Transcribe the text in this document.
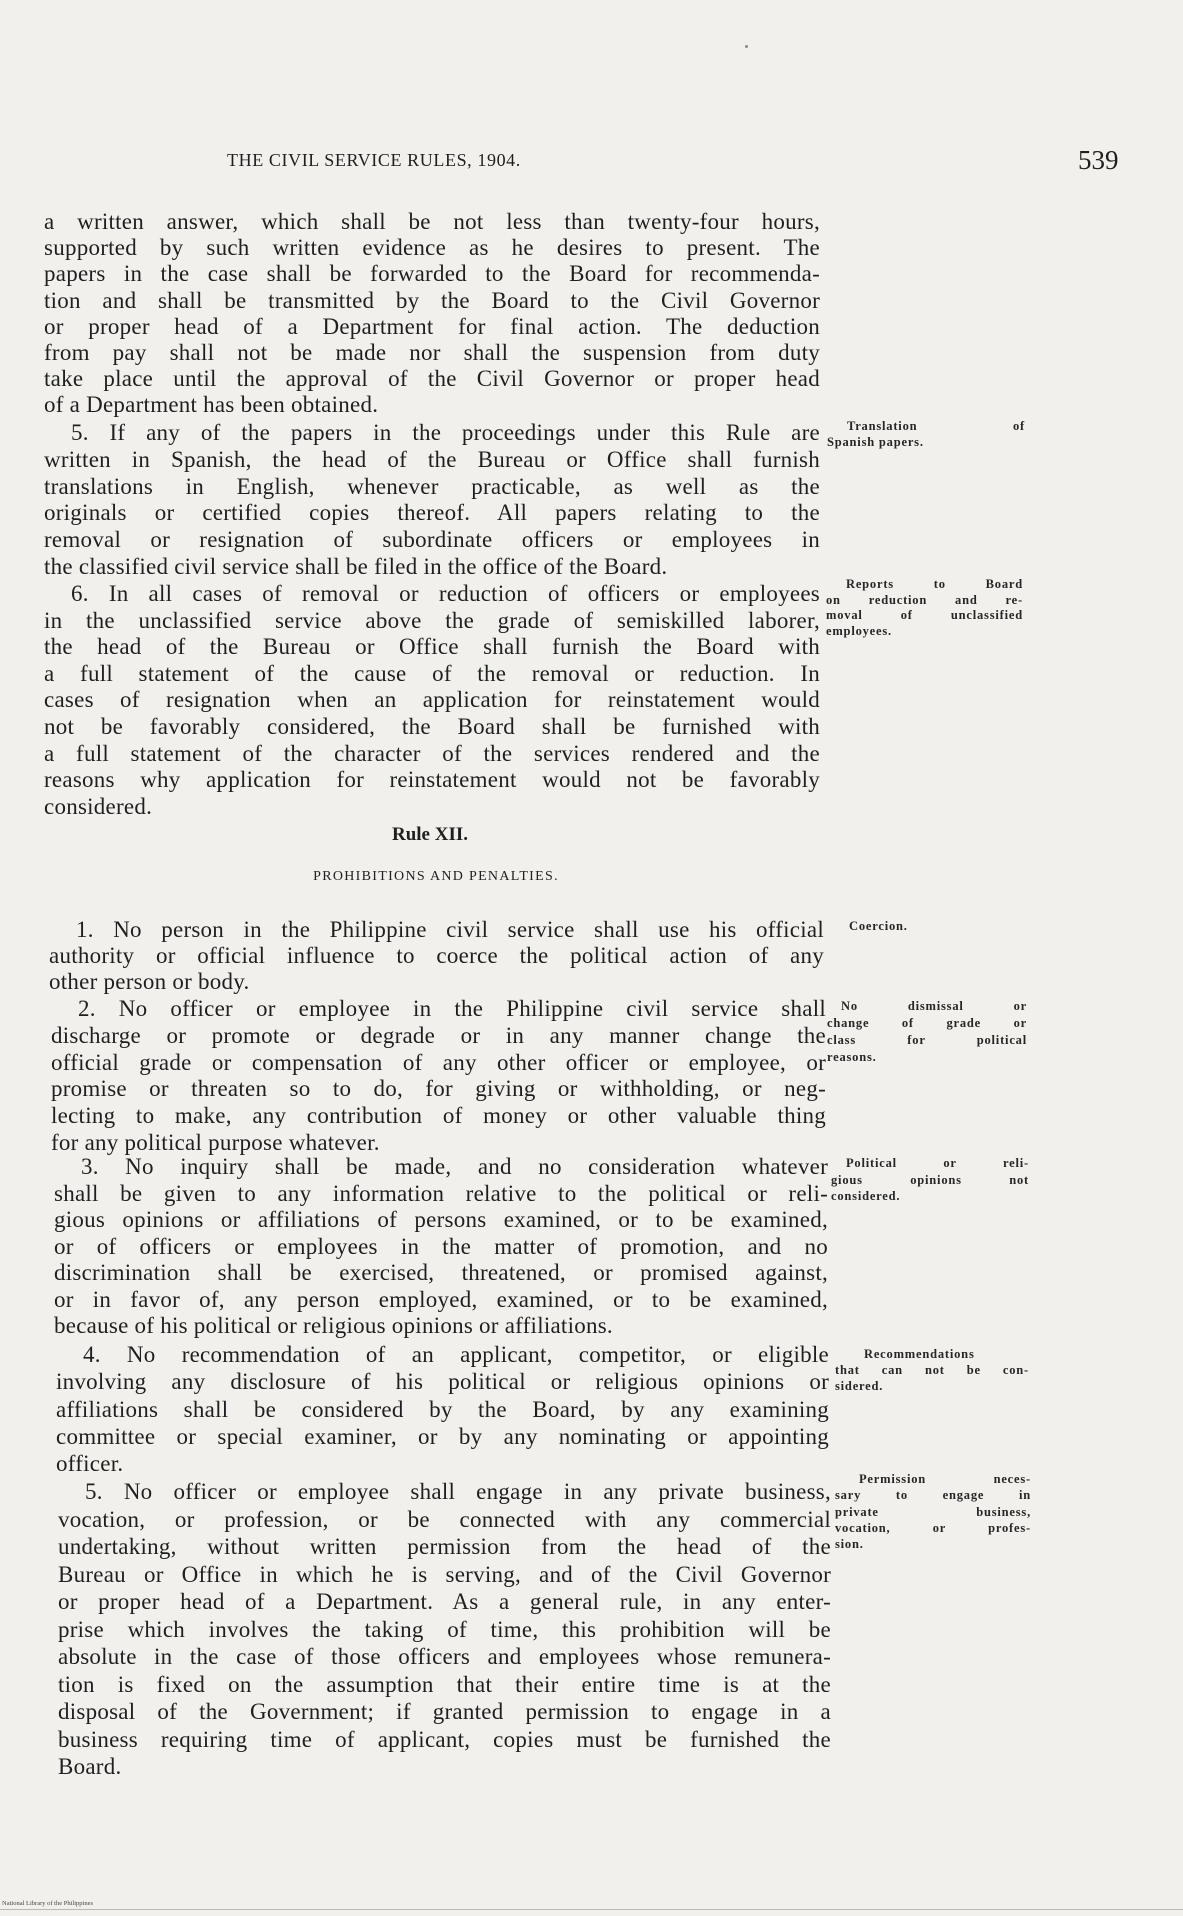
THE CIVIL SERVICE RULES, 1904.	539
a written answer, which shall be not less than twenty-four hours,
supported by such written evidence as he desires to present. The
papers in the case shall be forwarded to the Board for recommenda-
tion and shall be transmitted by the Board to the Civil Governor
or proper head of a Department for final action. The deduction
from pay shall not be made nor shall the suspension from duty
take place until the approval of the Civil Governor or proper head
of a Department has been obtained.
5. If any of the papers in the proceedings under this Rule are
written in Spanish, the head of the Bureau or Office shall furnish
translations in English, whenever practicable, as well as the
originals or certified copies thereof. All papers relating to the
removal or resignation of subordinate officers or employees in
the classified civil service shall be filed in the office of the Board.
Translation of
Spanish papers.
6. In all cases of removal or reduction of officers or employees
in the unclassified service above the grade of semiskilled laborer,
the head of the Bureau or Office shall furnish the Board with
a full statement of the cause of the removal or reduction. In
cases of resignation when an application for reinstatement would
not be favorably considered, the Board shall be furnished with
a full statement of the character of the services rendered and the
reasons why application for reinstatement would not be favorably
considered.
Reports to Board
on reduction and re-
moval of unclassified
employees.
Rule XII.
PROHIBITIONS AND PENALTIES.
1. No person in the Philippine civil service shall use his official
authority or official influence to coerce the political action of any
other person or body.
Coercion.
2. No officer or employee in the Philippine civil service shall
discharge or promote or degrade or in any manner change the
official grade or compensation of any other officer or employee, or
promise or threaten so to do, for giving or withholding, or neg-
lecting to make, any contribution of money or other valuable thing
for any political purpose whatever.
No dismissal or
change of grade or
class for political
reasons.
3. No inquiry shall be made, and no consideration whatever
shall be given to any information relative to the political or reli-
gious opinions or affiliations of persons examined, or to be examined,
or of officers or employees in the matter of promotion, and no
discrimination shall be exercised, threatened, or promised against,
or in favor of, any person employed, examined, or to be examined,
because of his political or religious opinions or affiliations.
Political or reli-
gious opinions not
considered.
4. No recommendation of an applicant, competitor, or eligible
involving any disclosure of his political or religious opinions or
affiliations shall be considered by the Board, by any examining
committee or special examiner, or by any nominating or appointing
officer.
Recommendations
that can not be con-
sidered.
5. No officer or employee shall engage in any private business,
vocation, or profession, or be connected with any commercial
undertaking, without written permission from the head of the
Bureau or Office in which he is serving, and of the Civil Governor
or proper head of a Department. As a general rule, in any enter-
prise which involves the taking of time, this prohibition will be
absolute in the case of those officers and employees whose remunera-
tion is fixed on the assumption that their entire time is at the
disposal of the Government; if granted permission to engage in a
business requiring time of applicant, copies must be furnished the
Board.
Permission neces-
sary to engage in
private business,
vocation, or profes-
sion.
National Library of the Philippines
